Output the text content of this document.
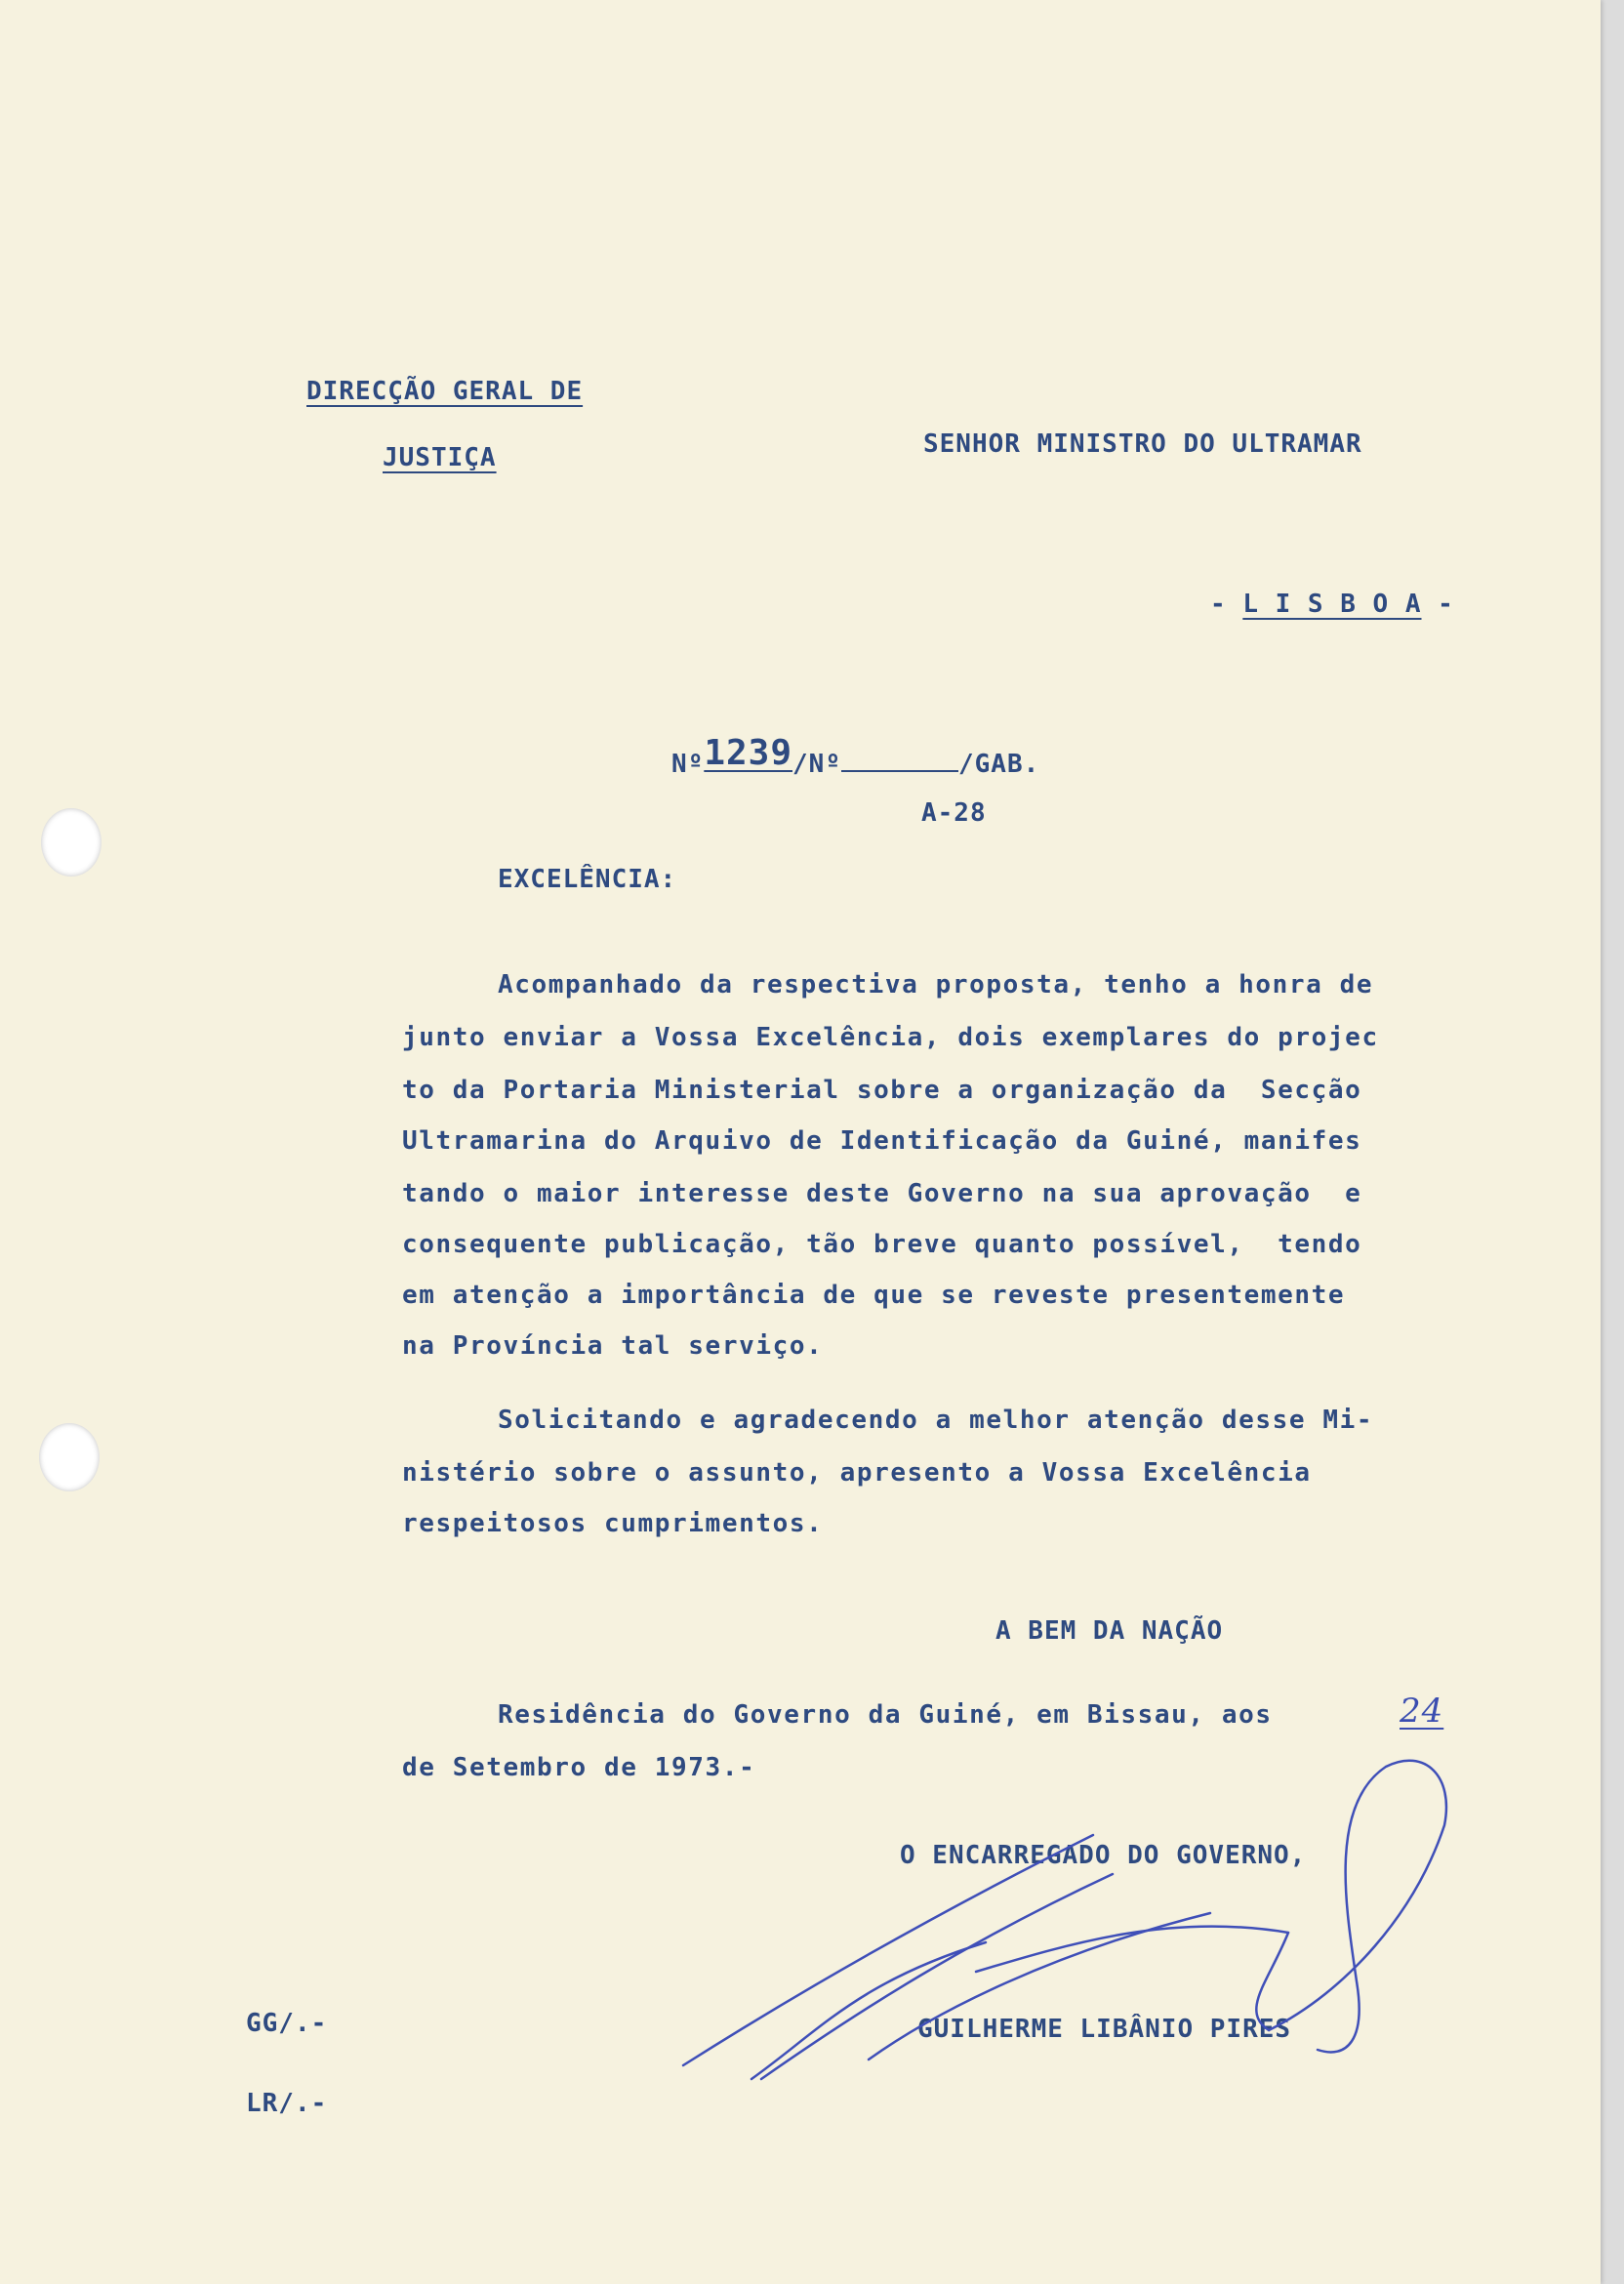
DIRECÇÃO GERAL DE

JUSTIÇA	SENHOR MINISTRO DO ULTRAMAR

- L I S B O A -

Nº1239/Nº	/GAB.

A-28

EXCELÊNCIA:

Acompanhado da respectiva proposta, tenho a honra de

junto enviar a Vossa Excelência, dois exemplares do projec

to da Portaria Ministerial sobre a organização da  Secção

Ultramarina do Arquivo de Identificação da Guiné, manifes

tando o maior interesse deste Governo na sua aprovação  e

consequente publicação, tão breve quanto possível,  tendo

em atenção a importância de que se reveste presentemente

na Província tal serviço.

Solicitando e agradecendo a melhor atenção desse Mi-

nistério sobre o assunto, apresento a Vossa Excelência

respeitosos cumprimentos.

A BEM DA NAÇÃO

Residência do Governo da Guiné, em Bissau, aos	24

de Setembro de 1973.-

O ENCARREGADO DO GOVERNO,

GUILHERME LIBÂNIO PIRES

GG/.-

LR/.-
